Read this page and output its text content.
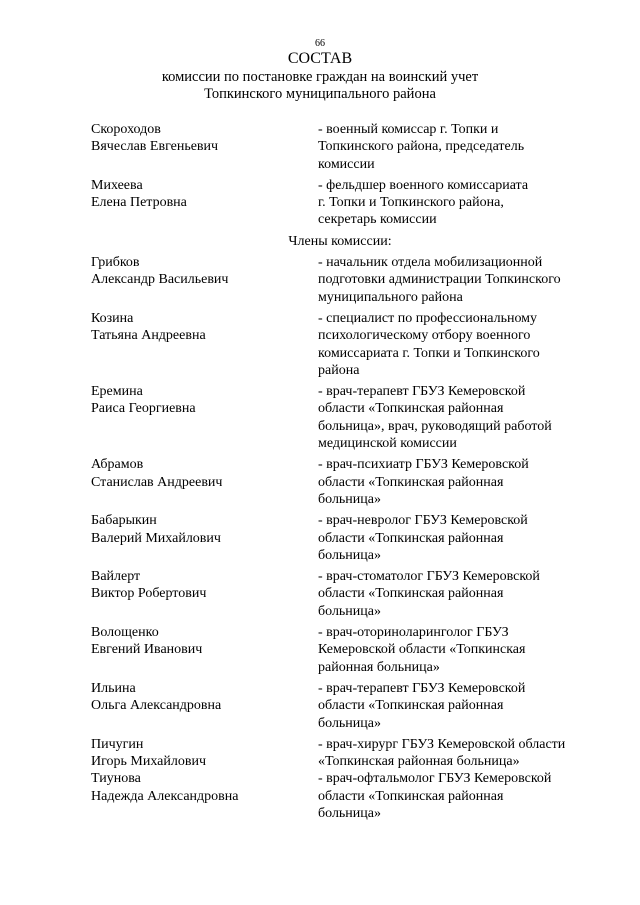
66
СОСТАВ
комиссии по постановке граждан на воинский учет
Топкинского муниципального района
Скороходов
Вячеслав Евгеньевич
- военный комиссар г. Топки и
Топкинского района, председатель
комиссии
Михеева
Елена Петровна
- фельдшер военного комиссариата
г. Топки и Топкинского района,
секретарь комиссии
Члены комиссии:
Грибков
Александр Васильевич
- начальник отдела мобилизационной
подготовки администрации Топкинского
муниципального района
Козина
Татьяна Андреевна
- специалист по профессиональному
психологическому отбору военного
комиссариата г. Топки и Топкинского
района
Еремина
Раиса Георгиевна
- врач-терапевт ГБУЗ Кемеровской
области «Топкинская районная
больница», врач, руководящий работой
медицинской комиссии
Абрамов
Станислав Андреевич
- врач-психиатр ГБУЗ Кемеровской
области «Топкинская районная
больница»
Бабарыкин
Валерий Михайлович
- врач-невролог ГБУЗ Кемеровской
области «Топкинская районная
больница»
Вайлерт
Виктор Робертович
- врач-стоматолог ГБУЗ Кемеровской
области «Топкинская районная
больница»
Волощенко
Евгений Иванович
- врач-оториноларинголог ГБУЗ
Кемеровской области «Топкинская
районная больница»
Ильина
Ольга Александровна
- врач-терапевт ГБУЗ Кемеровской
области «Топкинская районная
больница»
Пичугин
Игорь Михайлович
- врач-хирург ГБУЗ Кемеровской области
«Топкинская районная больница»
Тиунова
Надежда Александровна
- врач-офтальмолог ГБУЗ Кемеровской
области «Топкинская районная
больница»
